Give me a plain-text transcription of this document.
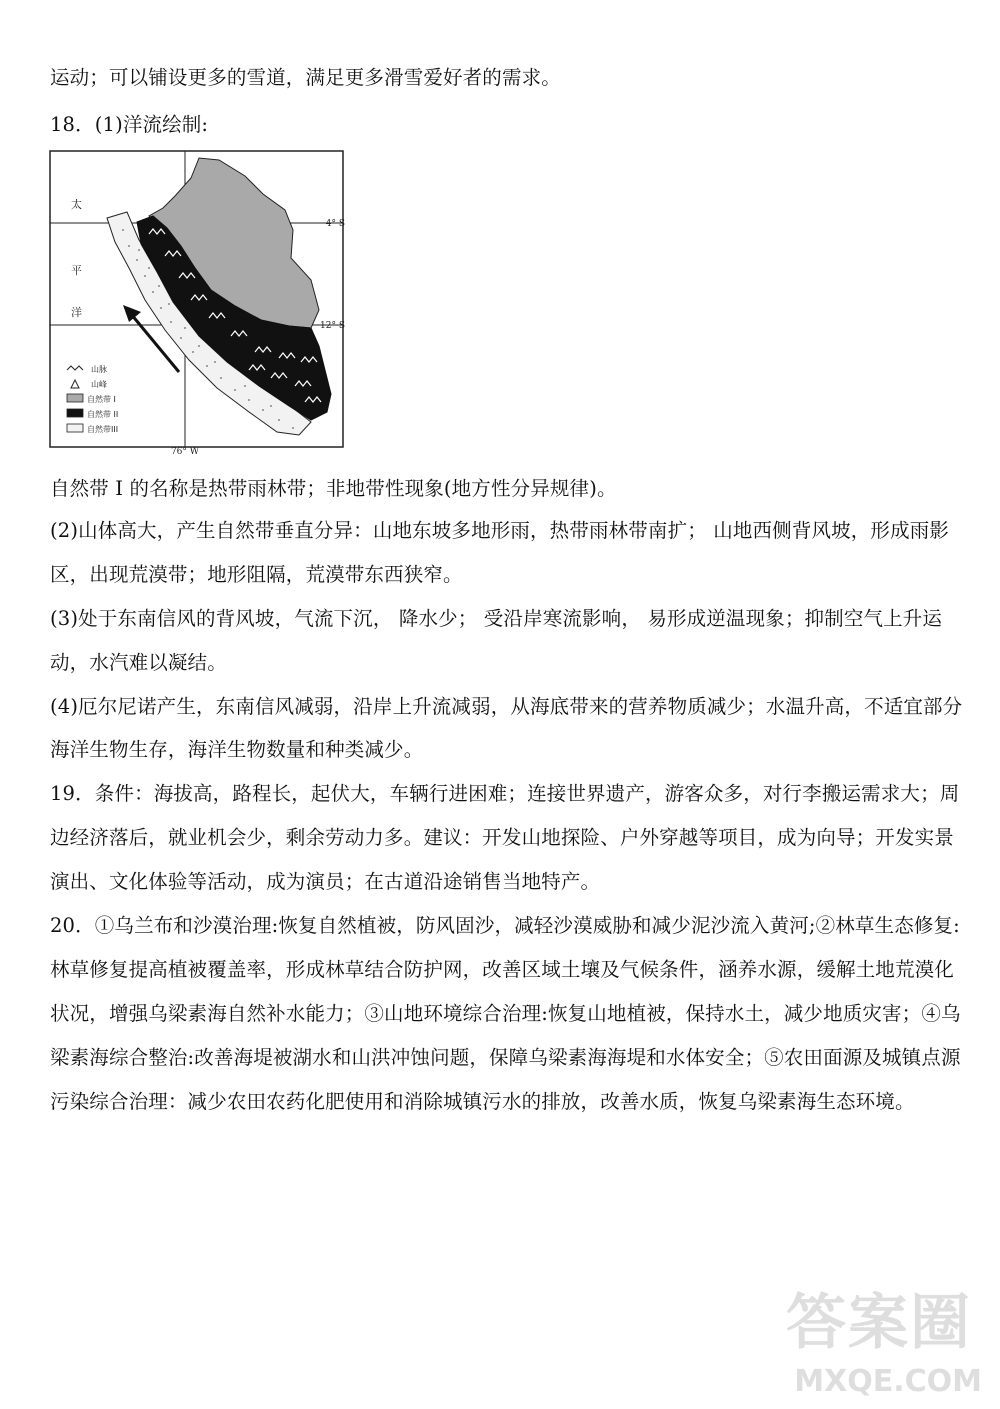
运动；可以铺设更多的雪道，满足更多滑雪爱好者的需求。
18．(1)洋流绘制:
4° S
12° S
76° W
太
平
洋
山脉
山峰
自然带 I
自然带 II
自然带III
自然带 I 的名称是热带雨林带；非地带性现象(地方性分异规律)。
(2)山体高大，产生自然带垂直分异：山地东坡多地形雨，热带雨林带南扩； 山地西侧背风坡，形成雨影
区，出现荒漠带；地形阻隔，荒漠带东西狭窄。
(3)处于东南信风的背风坡，气流下沉， 降水少； 受沿岸寒流影响， 易形成逆温现象；抑制空气上升运
动，水汽难以凝结。
(4)厄尔尼诺产生，东南信风减弱，沿岸上升流减弱，从海底带来的营养物质减少；水温升高，不适宜部分
海洋生物生存，海洋生物数量和种类减少。
19．条件：海拔高，路程长，起伏大，车辆行进困难；连接世界遗产，游客众多，对行李搬运需求大；周
边经济落后，就业机会少，剩余劳动力多。建议：开发山地探险、户外穿越等项目，成为向导；开发实景
演出、文化体验等活动，成为演员；在古道沿途销售当地特产。
20．①乌兰布和沙漠治理:恢复自然植被，防风固沙，减轻沙漠威胁和减少泥沙流入黄河;②林草生态修复:
林草修复提高植被覆盖率，形成林草结合防护网，改善区域土壤及气候条件，涵养水源，缓解土地荒漠化
状况，增强乌梁素海自然补水能力；③山地环境综合治理:恢复山地植被，保持水土，减少地质灾害；④乌
梁素海综合整治:改善海堤被湖水和山洪冲蚀问题，保障乌梁素海海堤和水体安全；⑤农田面源及城镇点源
污染综合治理：减少农田农药化肥使用和消除城镇污水的排放，改善水质，恢复乌梁素海生态环境。
答案圈
MXQE.COM
